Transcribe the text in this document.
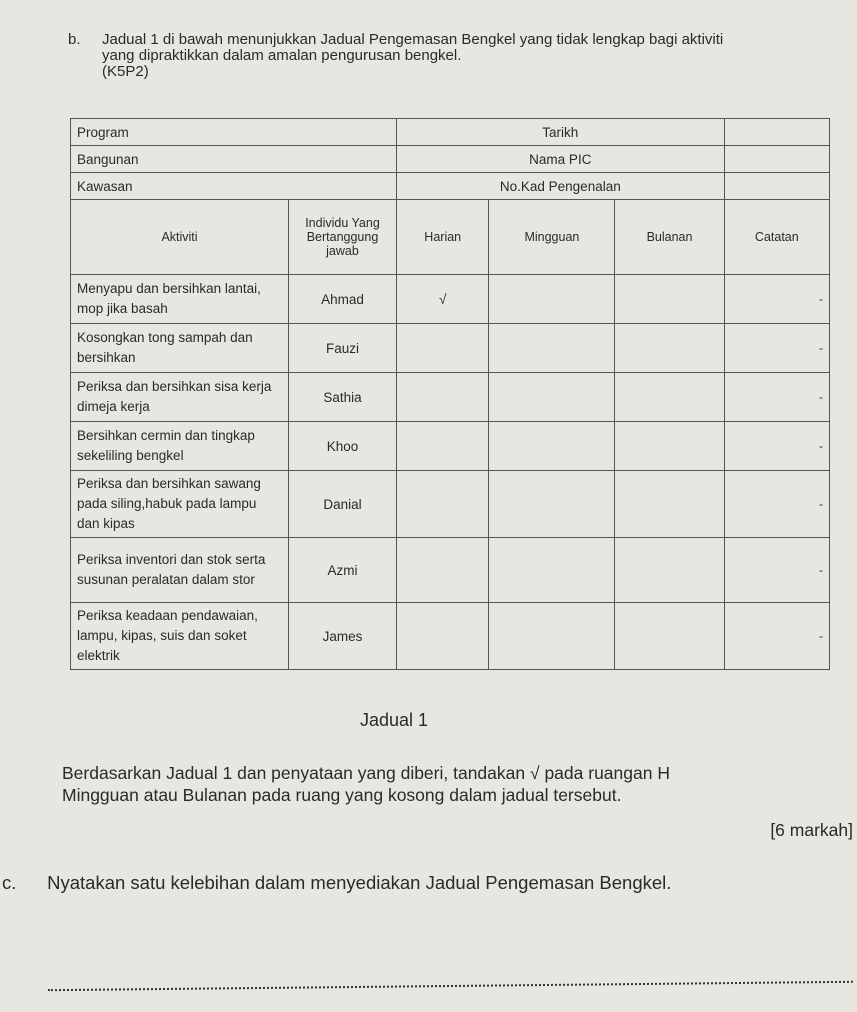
b. Jadual 1 di bawah menunjukkan Jadual Pengemasan Bengkel yang tidak lengkap bagi aktiviti yang dipraktikkan dalam amalan pengurusan bengkel.
(K5P2)
Program		Tarikh			
Bangunan		Nama PIC			
Kawasan		No.Kad Pengenalan			
Aktiviti	Individu Yang Bertanggung jawab	Harian	Mingguan	Bulanan	Catatan
Menyapu dan bersihkan lantai, mop jika basah	Ahmad	√			-
Kosongkan tong sampah dan bersihkan	Fauzi				-
Periksa dan bersihkan sisa kerja dimeja kerja	Sathia				-
Bersihkan cermin dan tingkap sekeliling bengkel	Khoo				-
Periksa dan bersihkan sawang pada siling,habuk pada lampu dan kipas	Danial				-
Periksa inventori dan stok serta susunan peralatan dalam stor	Azmi				-
Periksa keadaan pendawaian, lampu, kipas, suis dan soket elektrik	James				-
Jadual 1
Berdasarkan Jadual 1 dan penyataan yang diberi, tandakan √ pada ruangan H
Mingguan atau Bulanan pada ruang yang kosong dalam jadual tersebut.
[6 markah]
c. Nyatakan satu kelebihan dalam menyediakan Jadual Pengemasan Bengkel.
